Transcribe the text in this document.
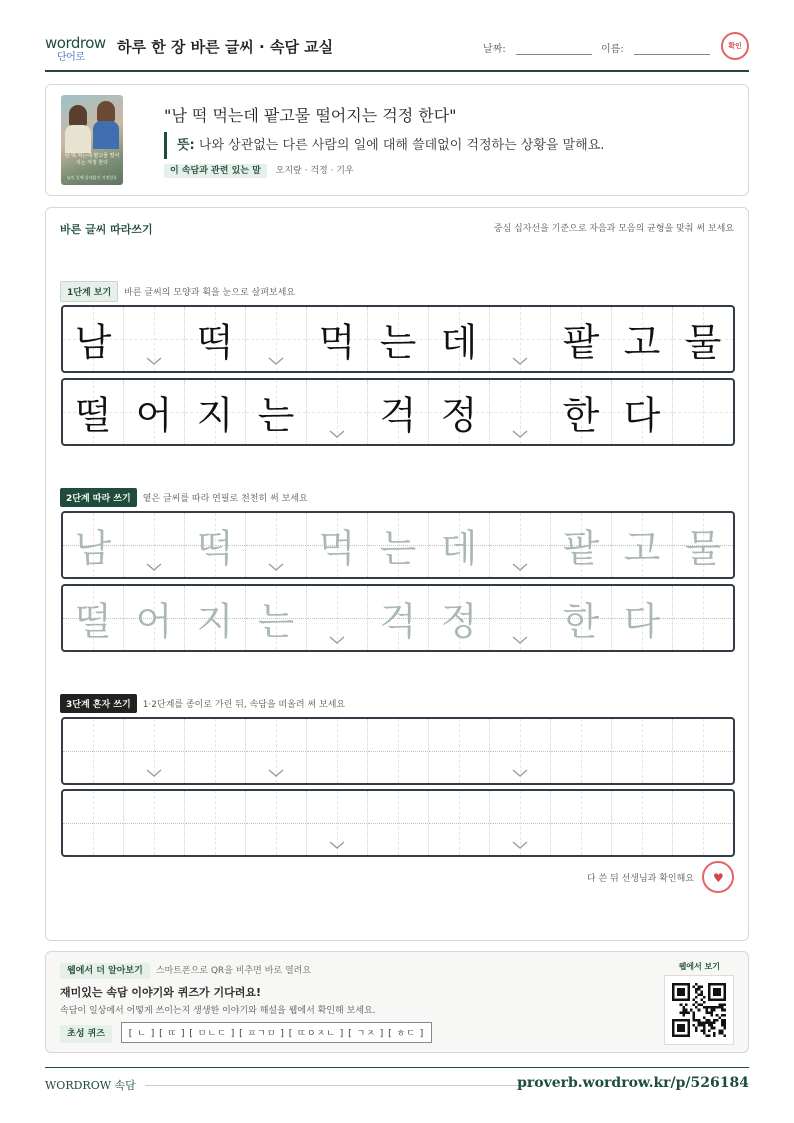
wordrow
단어로
하루 한 장 바른 글씨 · 속담 교실	날짜:	이름:	확인
남 떡 먹는데 팥고물 떨어지는 걱정 한다
남의 일에 쓸데없이 걱정함을
"남 떡 먹는데 팥고물 떨어지는 걱정 한다"
뜻: 나와 상관없는 다른 사람의 일에 대해 쓸데없이 걱정하는 상황을 말해요.
이 속담과 관련 있는 말 오지랖 · 걱정 · 기우
바른 글씨 따라쓰기	중심 십자선을 기준으로 자음과 모음의 균형을 맞춰 써 보세요
1단계 보기 바른 글씨의 모양과 획을 눈으로 살펴보세요
남	떡	먹 는 데	팥 고 물
떨 어 지 는	걱 정	한 다
2단계 따라 쓰기 옅은 글씨를 따라 연필로 천천히 써 보세요
남	떡	먹 는 데	팥 고 물
떨 어 지 는	걱 정	한 다
3단계 혼자 쓰기 1·2단계를 종이로 가린 뒤, 속담을 떠올려 써 보세요
다 쓴 뒤 선생님과 확인해요 ♥
웹에서 더 알아보기 스마트폰으로 QR을 비추면 바로 열려요
재미있는 속담 이야기와 퀴즈가 기다려요!
속담이 일상에서 어떻게 쓰이는지 생생한 이야기와 해설을 웹에서 확인해 보세요.
초성 퀴즈	[ ㄴ ] [ ㄸ ] [ ㅁㄴㄷ ] [ ㅍㄱㅁ ] [ ㄸㅇㅈㄴ ] [ ㄱㅈ ] [ ㅎㄷ ]
웹에서 보기
WORDROW 속담	proverb.wordrow.kr/p/526184
